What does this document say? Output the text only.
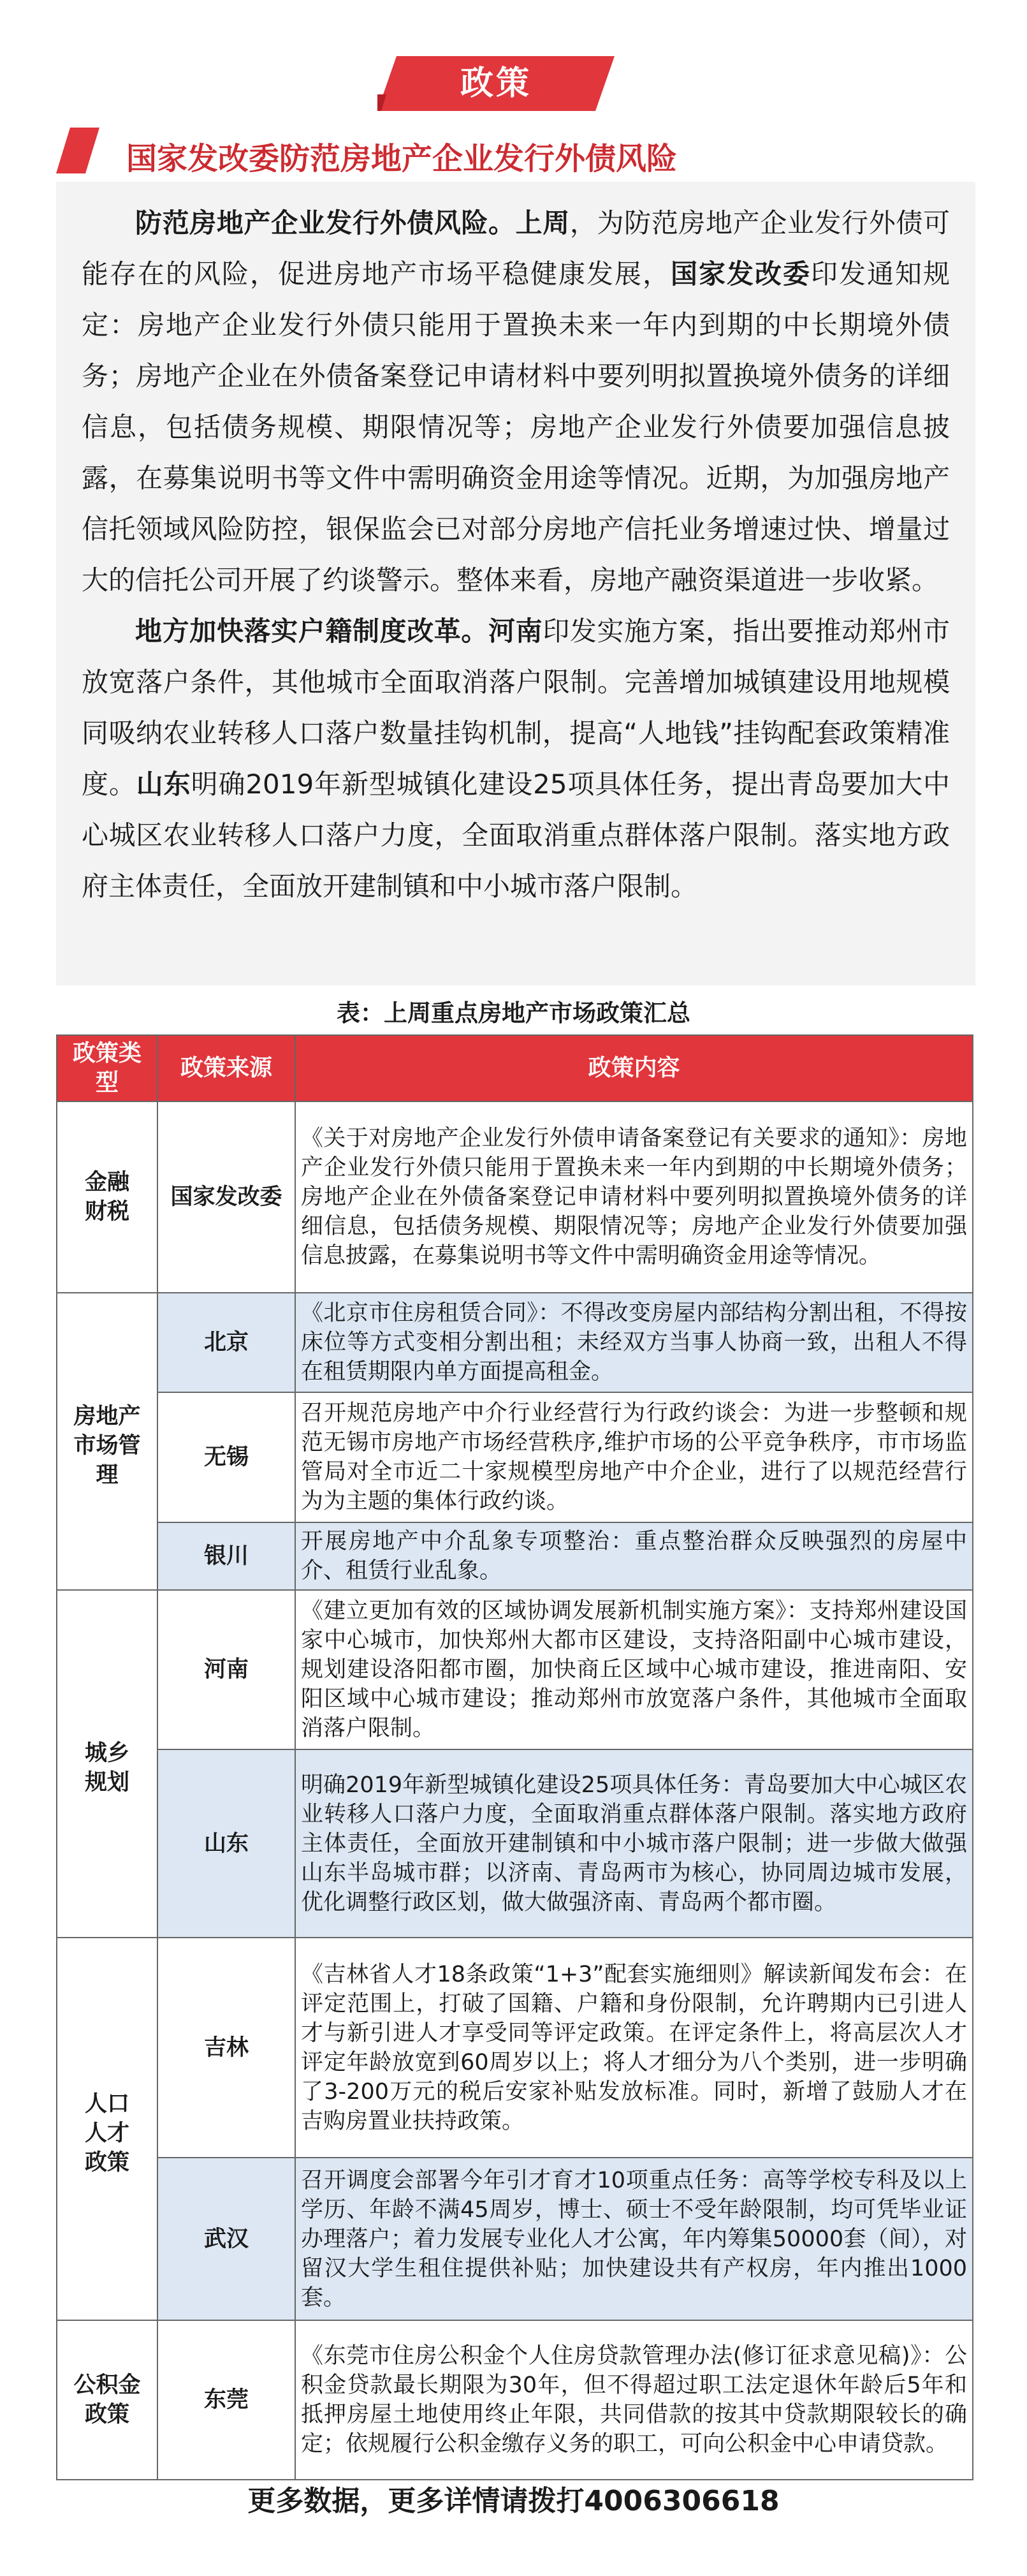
政策
国家发改委防范房地产企业发行外债风险

防范房地产企业发行外债风险。上周，为防范房地产企业发行外债可能存在的风险，促进房地产市场平稳健康发展，国家发改委印发通知规定：房地产企业发行外债只能用于置换未来一年内到期的中长期境外债务；房地产企业在外债备案登记申请材料中要列明拟置换境外债务的详细信息，包括债务规模、期限情况等；房地产企业发行外债要加强信息披露，在募集说明书等文件中需明确资金用途等情况。近期，为加强房地产信托领域风险防控，银保监会已对部分房地产信托业务增速过快、增量过大的信托公司开展了约谈警示。整体来看，房地产融资渠道进一步收紧。

地方加快落实户籍制度改革。河南印发实施方案，指出要推动郑州市放宽落户条件，其他城市全面取消落户限制。完善增加城镇建设用地规模同吸纳农业转移人口落户数量挂钩机制，提高“人地钱”挂钩配套政策精准度。山东明确2019年新型城镇化建设25项具体任务，提出青岛要加大中心城区农业转移人口落户力度，全面取消重点群体落户限制。落实地方政府主体责任，全面放开建制镇和中小城市落户限制。

表：上周重点房地产市场政策汇总
政策类型	政策来源	政策内容
金融财税	国家发改委	《关于对房地产企业发行外债申请备案登记有关要求的通知》：房地产企业发行外债只能用于置换未来一年内到期的中长期境外债务；房地产企业在外债备案登记申请材料中要列明拟置换境外债务的详细信息，包括债务规模、期限情况等；房地产企业发行外债要加强信息披露，在募集说明书等文件中需明确资金用途等情况。
房地产市场管理	北京	《北京市住房租赁合同》：不得改变房屋内部结构分割出租，不得按床位等方式变相分割出租；未经双方当事人协商一致，出租人不得在租赁期限内单方面提高租金。
	无锡	召开规范房地产中介行业经营行为行政约谈会：为进一步整顿和规范无锡市房地产市场经营秩序,维护市场的公平竞争秩序，市市场监管局对全市近二十家规模型房地产中介企业，进行了以规范经营行为为主题的集体行政约谈。
	银川	开展房地产中介乱象专项整治：重点整治群众反映强烈的房屋中介、租赁行业乱象。
城乡规划	河南	《建立更加有效的区域协调发展新机制实施方案》：支持郑州建设国家中心城市，加快郑州大都市区建设，支持洛阳副中心城市建设，规划建设洛阳都市圈，加快商丘区域中心城市建设，推进南阳、安阳区域中心城市建设；推动郑州市放宽落户条件，其他城市全面取消落户限制。
	山东	明确2019年新型城镇化建设25项具体任务：青岛要加大中心城区农业转移人口落户力度，全面取消重点群体落户限制。落实地方政府主体责任，全面放开建制镇和中小城市落户限制；进一步做大做强山东半岛城市群；以济南、青岛两市为核心，协同周边城市发展，优化调整行政区划，做大做强济南、青岛两个都市圈。
人口人才政策	吉林	《吉林省人才18条政策“1+3”配套实施细则》解读新闻发布会：在评定范围上，打破了国籍、户籍和身份限制，允许聘期内已引进人才与新引进人才享受同等评定政策。在评定条件上，将高层次人才评定年龄放宽到60周岁以上；将人才细分为八个类别，进一步明确了3-200万元的税后安家补贴发放标准。同时，新增了鼓励人才在吉购房置业扶持政策。
	武汉	召开调度会部署今年引才育才10项重点任务：高等学校专科及以上学历、年龄不满45周岁，博士、硕士不受年龄限制，均可凭毕业证办理落户；着力发展专业化人才公寓，年内筹集50000套（间），对留汉大学生租住提供补贴；加快建设共有产权房，年内推出1000套。
公积金政策	东莞	《东莞市住房公积金个人住房贷款管理办法(修订征求意见稿)》：公积金贷款最长期限为30年，但不得超过职工法定退休年龄后5年和抵押房屋土地使用终止年限，共同借款的按其中贷款期限较长的确定；依规履行公积金缴存义务的职工，可向公积金中心申请贷款。
更多数据，更多详情请拨打4006306618
